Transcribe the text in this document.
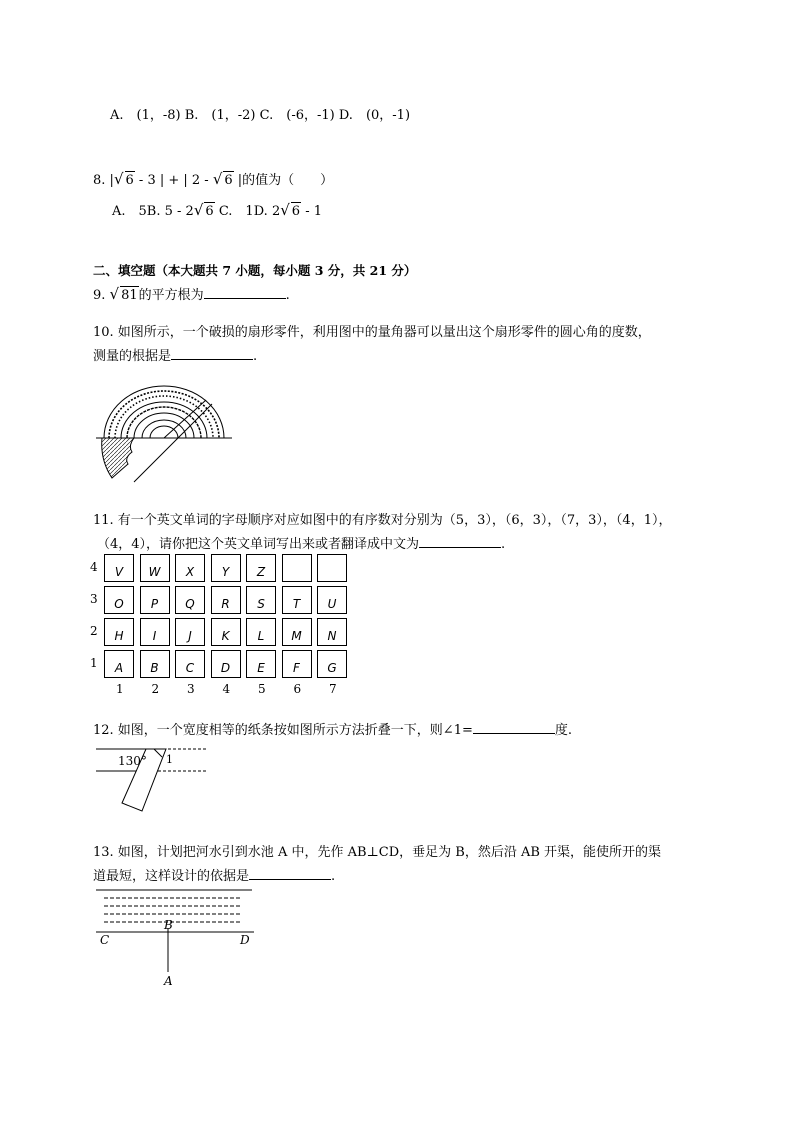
A.　(1，-8) B.　(1，-2) C.　(-6，-1) D.　(0，-1)
8. |√ 6 - 3 | + | 2 - √ 6 |的值为（　　）
A.　5B. 5 - 2√ 6 C.　1D. 2√ 6 - 1
二、填空题（本大题共 7 小题，每小题 3 分，共 21 分）
9. √ 81的平方根为	.
10. 如图所示，一个破损的扇形零件，利用图中的量角器可以量出这个扇形零件的圆心角的度数，
测量的根据是	.
11. 有一个英文单词的字母顺序对应如图中的有序数对分别为（5，3），（6，3），（7，3），（4，1），
（4，4），请你把这个英文单词写出来或者翻译成中文为	.
4	V	W	X	Y	Z
3	O	P	Q	R	S	T	U
2	H	I	J	K	L	M	N
1	A	B	C	D	E	F	G
1 2 3 4 5 6 7
12. 如图，一个宽度相等的纸条按如图所示方法折叠一下，则∠1=	度.
130° 1
13. 如图，计划把河水引到水池 A 中，先作 AB⊥CD，垂足为 B，然后沿 AB 开渠，能使所开的渠
道最短，这样设计的依据是	.
B
C	D
A
